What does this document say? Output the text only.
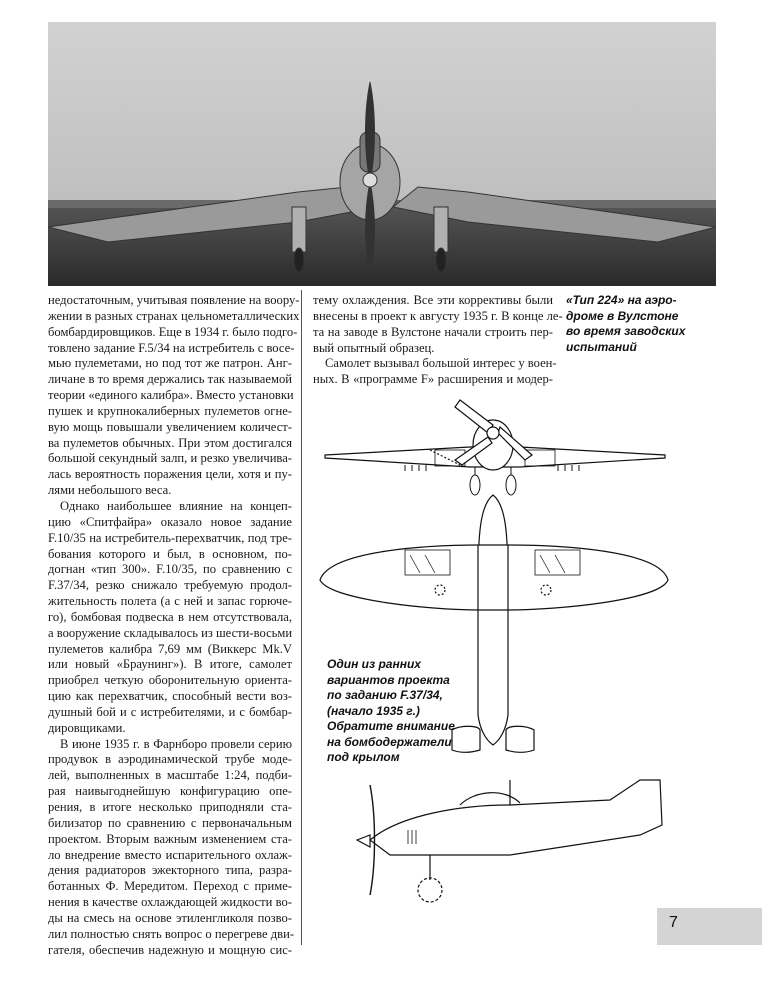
недостаточным, учитывая появление на воору-
жении в разных странах цельнометаллических
бомбардировщиков. Еще в 1934 г. было подго-
товлено задание F.5/34 на истребитель с восе-
мью пулеметами, но под тот же патрон. Анг-
личане в то время держались так называемой
теории «единого калибра». Вместо установки
пушек и крупнокалиберных пулеметов огне-
вую мощь повышали увеличением количест-
ва пулеметов обычных. При этом достигался
большой секундный залп, и резко увеличива-
лась вероятность поражения цели, хотя и пу-
лями небольшого веса.
Однако наибольшее влияние на концеп-
цию «Спитфайра» оказало новое задание
F.10/35 на истребитель-перехватчик, под тре-
бования которого и был, в основном, по-
догнан «тип 300». F.10/35, по сравнению с
F.37/34, резко снижало требуемую продол-
жительность полета (а с ней и запас горюче-
го), бомбовая подвеска в нем отсутствовала,
а вооружение складывалось из шести-восьми
пулеметов калибра 7,69 мм (Виккерс Mk.V
или новый «Браунинг»). В итоге, самолет
приобрел четкую оборонительную ориента-
цию как перехватчик, способный вести воз-
душный бой и с истребителями, и с бомбар-
дировщиками.
В июне 1935 г. в Фарнборо провели серию
продувок в аэродинамической трубе моде-
лей, выполненных в масштабе 1:24, подби-
рая наивыгоднейшую конфигурацию опе-
рения, в итоге несколько приподняли ста-
билизатор по сравнению с первоначальным
проектом. Вторым важным изменением ста-
ло внедрение вместо испарительного охлаж-
дения радиаторов эжекторного типа, разра-
ботанных Ф. Мередитом. Переход с приме-
нения в качестве охлаждающей жидкости во-
ды на смесь на основе этиленгликоля позво-
лил полностью снять вопрос о перегреве дви-
гателя, обеспечив надежную и мощную сис-
тему охлаждения. Все эти коррективы были
внесены в проект к августу 1935 г. В конце ле-
та на заводе в Вулстоне начали строить пер-
вый опытный образец.
Самолет вызывал большой интерес у воен-
ных. В «программе F» расширения и модер-
«Тип 224» на аэро-
дроме в Вулстоне
во время заводских
испытаний
Один из ранних
вариантов проекта
по заданию F.37/34,
(начало 1935 г.)
Обратите внимание
на бомбодержатели
под крылом
7
